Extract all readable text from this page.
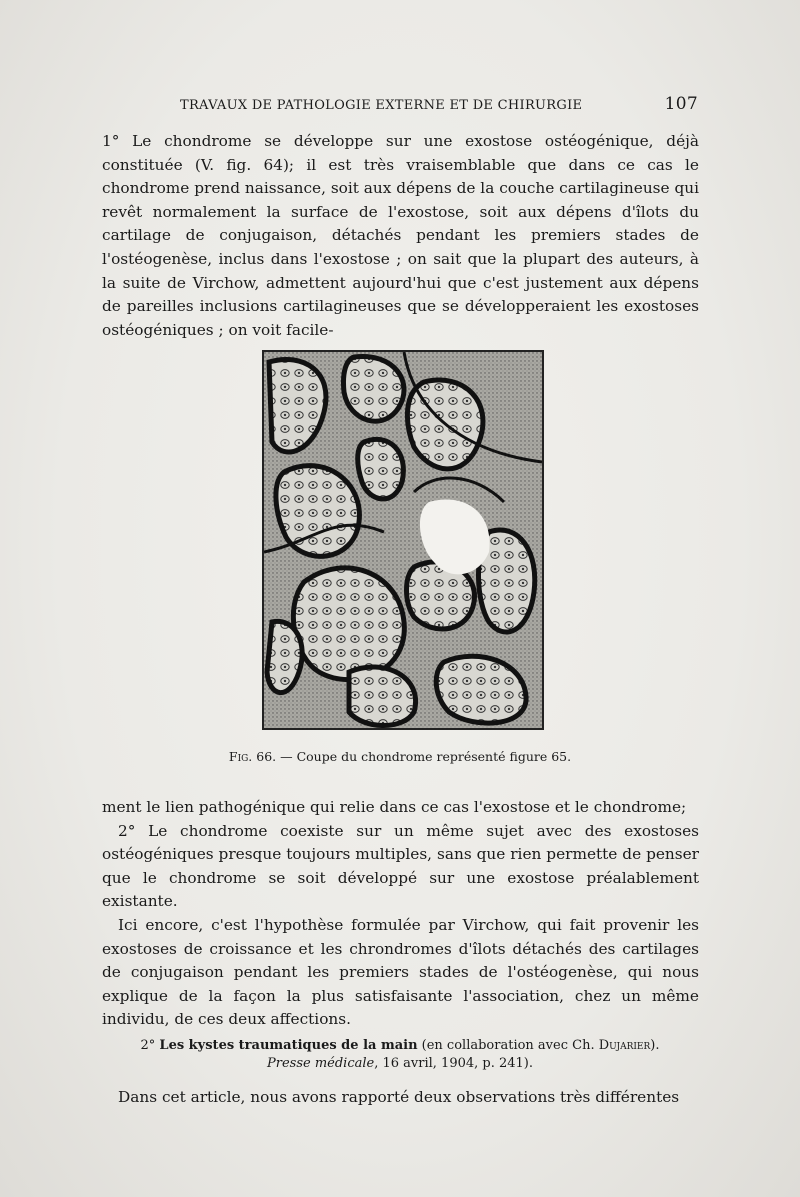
TRAVAUX DE PATHOLOGIE EXTERNE ET DE CHIRURGIE	107

1° Le chondrome se développe sur une exostose ostéogénique, déjà constituée (V. fig. 64); il est très vraisemblable que dans ce cas le chondrome prend naissance, soit aux dépens de la couche cartilagineuse qui revêt normalement la surface de l'exostose, soit aux dépens d'îlots du cartilage de conjugaison, détachés pendant les premiers stades de l'ostéogenèse, inclus dans l'exostose ; on sait que la plupart des auteurs, à la suite de Virchow, admettent aujourd'hui que c'est justement aux dépens de pareilles inclusions cartilagineuses que se développeraient les exostoses ostéogéniques ; on voit facile-

Fig. 66. — Coupe du chondrome représenté figure 65.
ment le lien pathogénique qui relie dans ce cas l'exostose et le chondrome;
2° Le chondrome coexiste sur un même sujet avec des exostoses ostéogéniques presque toujours multiples, sans que rien permette de penser que le chondrome se soit développé sur une exostose préalablement existante.
Ici encore, c'est l'hypothèse formulée par Virchow, qui fait provenir les exostoses de croissance et les chrondromes d'îlots détachés des cartilages de conjugaison pendant les premiers stades de l'ostéogenèse, qui nous explique de la façon la plus satisfaisante l'association, chez un même individu, de ces deux affections.
2° Les kystes traumatiques de la main (en collaboration avec Ch. Dujarier).
Presse médicale, 16 avril, 1904, p. 241).

Dans cet article, nous avons rapporté deux observations très différentes
